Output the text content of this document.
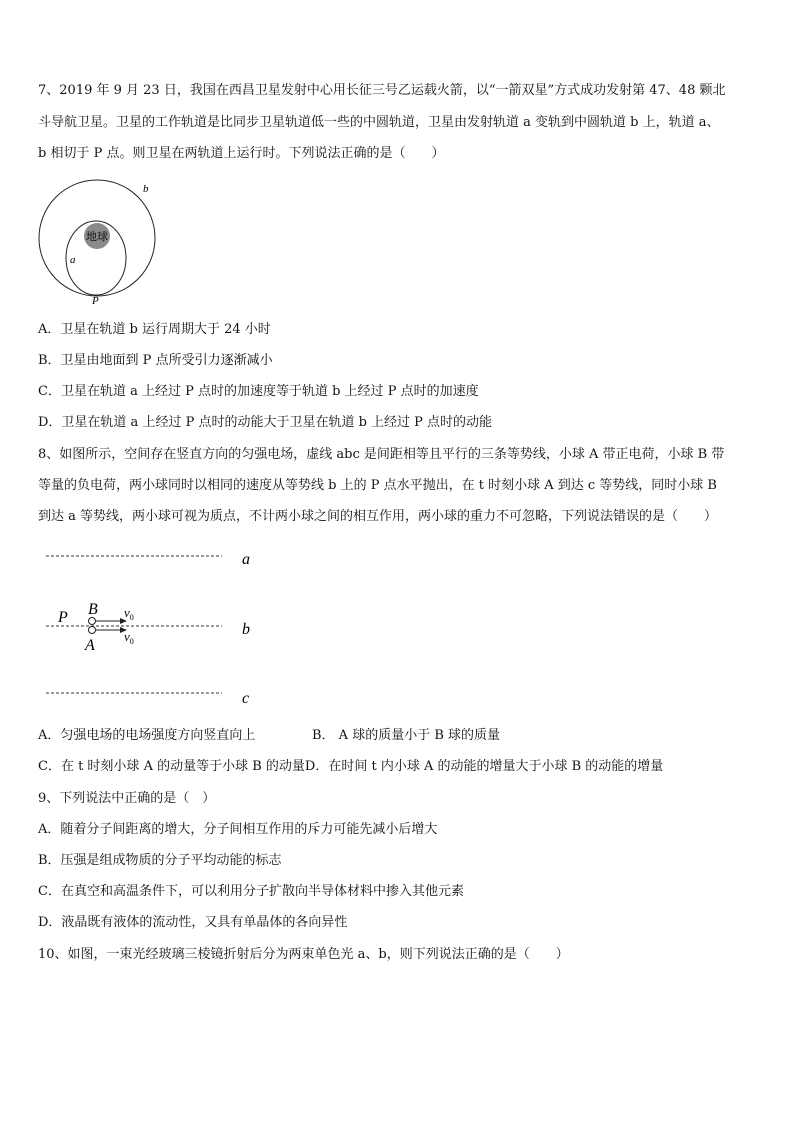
7、2019 年 9 月 23 日，我国在西昌卫星发射中心用长征三号乙运载火箭，以“一箭双星”方式成功发射第 47、48 颗北
斗导航卫星。卫星的工作轨道是比同步卫星轨道低一些的中圆轨道，卫星由发射轨道 a 变轨到中圆轨道 b 上，轨道 a、
b 相切于 P 点。则卫星在两轨道上运行时。下列说法正确的是（　　）
地球
b
a
P
A．卫星在轨道 b 运行周期大于 24 小时
B．卫星由地面到 P 点所受引力逐渐减小
C．卫星在轨道 a 上经过 P 点时的加速度等于轨道 b 上经过 P 点时的加速度
D．卫星在轨道 a 上经过 P 点时的动能大于卫星在轨道 b 上经过 P 点时的动能
8、如图所示，空间存在竖直方向的匀强电场，虚线 abc 是间距相等且平行的三条等势线，小球 A 带正电荷，小球 B 带
等量的负电荷，两小球同时以相同的速度从等势线 b 上的 P 点水平抛出，在 t 时刻小球 A 到达 c 等势线，同时小球 B
到达 a 等势线，两小球可视为质点，不计两小球之间的相互作用，两小球的重力不可忽略，下列说法错误的是（　　）
a
b
c
P B
A
$v_0$
$v_0$
A．匀强电场的电场强度方向竖直向上	B． A 球的质量小于 B 球的质量
C．在 t 时刻小球 A 的动量等于小球 B 的动量D．在时间 t 内小球 A 的动能的增量大于小球 B 的动能的增量
9、下列说法中正确的是（　）
A．随着分子间距离的增大，分子间相互作用的斥力可能先减小后增大
B．压强是组成物质的分子平均动能的标志
C．在真空和高温条件下，可以利用分子扩散向半导体材料中掺入其他元素
D．液晶既有液体的流动性，又具有单晶体的各向异性
10、如图，一束光经玻璃三棱镜折射后分为两束单色光 a、b，则下列说法正确的是（　　）
